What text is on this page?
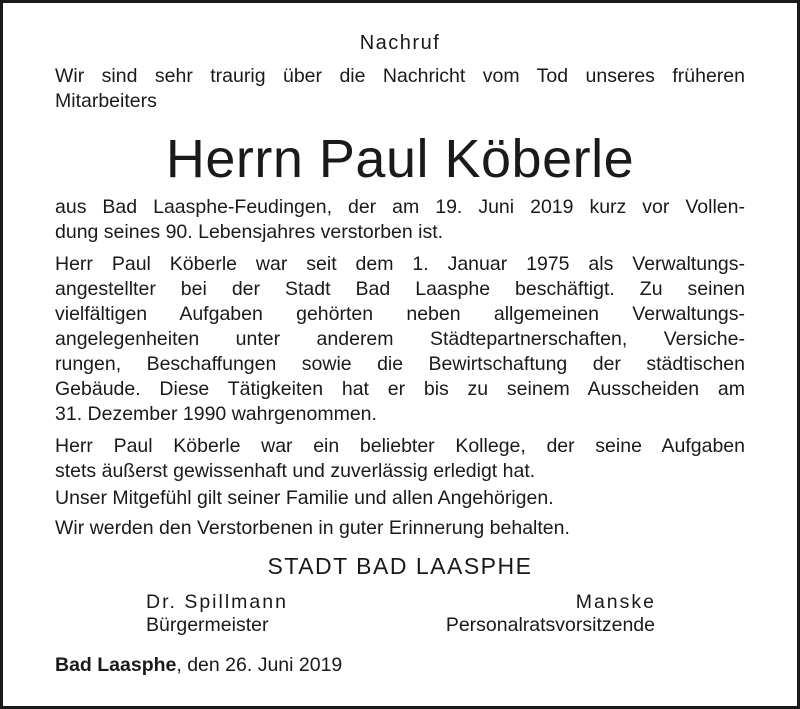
Nachruf
Wir sind sehr traurig über die Nachricht vom Tod unseres früheren
Mitarbeiters
Herrn Paul Köberle
aus Bad Laasphe-Feudingen, der am 19. Juni 2019 kurz vor Vollen-
dung seines 90. Lebensjahres verstorben ist.
Herr Paul Köberle war seit dem 1. Januar 1975 als Verwaltungs-
angestellter bei der Stadt Bad Laasphe beschäftigt. Zu seinen
vielfältigen Aufgaben gehörten neben allgemeinen Verwaltungs-
angelegenheiten unter anderem Städtepartnerschaften, Versiche-
rungen, Beschaffungen sowie die Bewirtschaftung der städtischen
Gebäude. Diese Tätigkeiten hat er bis zu seinem Ausscheiden am
31. Dezember 1990 wahrgenommen.
Herr Paul Köberle war ein beliebter Kollege, der seine Aufgaben
stets äußerst gewissenhaft und zuverlässig erledigt hat.
Unser Mitgefühl gilt seiner Familie und allen Angehörigen.
Wir werden den Verstorbenen in guter Erinnerung behalten.
STADT BAD LAASPHE
Dr. Spillmann
Bürgermeister
Manske
Personalratsvorsitzende
Bad Laasphe, den 26. Juni 2019
